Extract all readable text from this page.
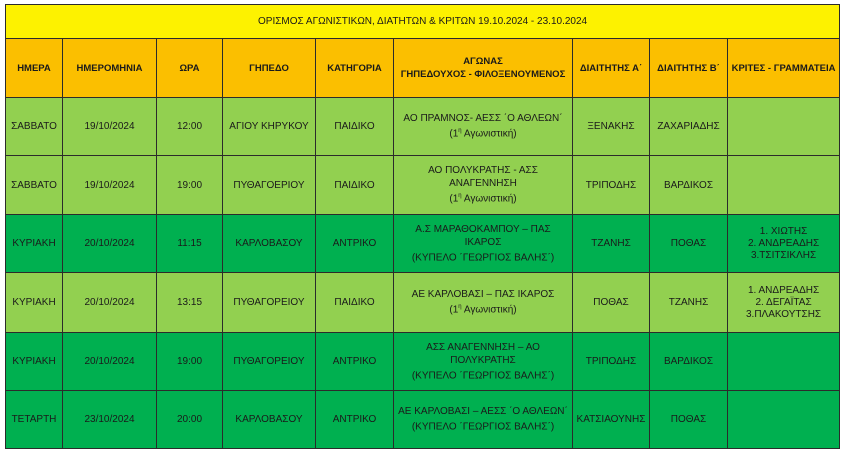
ΟΡΙΣΜΟΣ ΑΓΩΝΙΣΤΙΚΩΝ, ΔΙΑΤΗΤΩΝ & ΚΡΙΤΩΝ 19.10.2024 - 23.10.2024								
ΗΜΕΡΑ	ΗΜΕΡΟΜΗΝΙΑ	ΩΡΑ	ΓΗΠΕΔΟ	ΚΑΤΗΓΟΡΙΑ	ΑΓΩΝΑΣ
ΓΗΠΕΔΟΥΧΟΣ - ΦΙΛΟΞΕΝΟΥΜΕΝΟΣ	ΔΙΑΙΤΗΤΗΣ Α΄	ΔΙΑΙΤΗΤΗΣ Β΄	ΚΡΙΤΕΣ - ΓΡΑΜΜΑΤΕΙΑ
ΣΑΒΒΑΤΟ	19/10/2024	12:00	ΑΓΙΟΥ ΚΗΡΥΚΟΥ	ΠΑΙΔΙΚΟ	ΑΟ ΠΡΑΜΝΟΣ- ΑΕΣΣ ΄Ο ΑΘΛΕΩΝ΄
($1^\eta$ Αγωνιστική)	ΞΕΝΑΚΗΣ	ΖΑΧΑΡΙΑΔΗΣ	

ΣΑΒΒΑΤΟ	19/10/2024	19:00	ΠΥΘΑΓΟΕΡΙΟΥ	ΠΑΙΔΙΚΟ	ΑΟ ΠΟΛΥΚΡΑΤΗΣ - ΑΣΣ ΑΝΑΓΕΝΝΗΣΗ
($1^\eta$ Αγωνιστική)	ΤΡΙΠΟΔΗΣ	ΒΑΡΔΙΚΟΣ	

ΚΥΡΙΑΚΗ	20/10/2024	11:15	ΚΑΡΛΟΒΑΣΟΥ	ΑΝΤΡΙΚΟ	Α.Σ ΜΑΡΑΘΟΚΑΜΠΟΥ – ΠΑΣ ΙΚΑΡΟΣ
(ΚΥΠΕΛΟ ΄ΓΕΩΡΓΙΟΣ ΒΑΛΗΣ΄)	ΤΖΑΝΗΣ	ΠΟΘΑΣ	1. ΧΙΩΤΗΣ
2. ΑΝΔΡΕΑΔΗΣ
3.ΤΣΙΤΣΙΚΛΗΣ

ΚΥΡΙΑΚΗ	20/10/2024	13:15	ΠΥΘΑΓΟΡΕΙΟΥ	ΠΑΙΔΙΚΟ	ΑΕ ΚΑΡΛΟΒΑΣΙ – ΠΑΣ ΙΚΑΡΟΣ
($1^\eta$ Αγωνιστική)	ΠΟΘΑΣ	ΤΖΑΝΗΣ	1. ΑΝΔΡΕΑΔΗΣ
2. ΔΕΓΑΪΤΑΣ
3.ΠΛΑΚΟΥΤΣΗΣ

ΚΥΡΙΑΚΗ	20/10/2024	19:00	ΠΥΘΑΓΟΡΕΙΟΥ	ΑΝΤΡΙΚΟ	ΑΣΣ ΑΝΑΓΕΝΝΗΣΗ – ΑΟ ΠΟΛΥΚΡΑΤΗΣ
(ΚΥΠΕΛΟ ΄ΓΕΩΡΓΙΟΣ ΒΑΛΗΣ΄)	ΤΡΙΠΟΔΗΣ	ΒΑΡΔΙΚΟΣ	

ΤΕΤΑΡΤΗ	23/10/2024	20:00	ΚΑΡΛΟΒΑΣΟΥ	ΑΝΤΡΙΚΟ	ΑΕ ΚΑΡΛΟΒΑΣΙ – ΑΕΣΣ ΄Ο ΑΘΛΕΩΝ΄
(ΚΥΠΕΛΟ ΄ΓΕΩΡΓΙΟΣ ΒΑΛΗΣ΄)	ΚΑΤΣΙΑΟΥΝΗΣ	ΠΟΘΑΣ	
